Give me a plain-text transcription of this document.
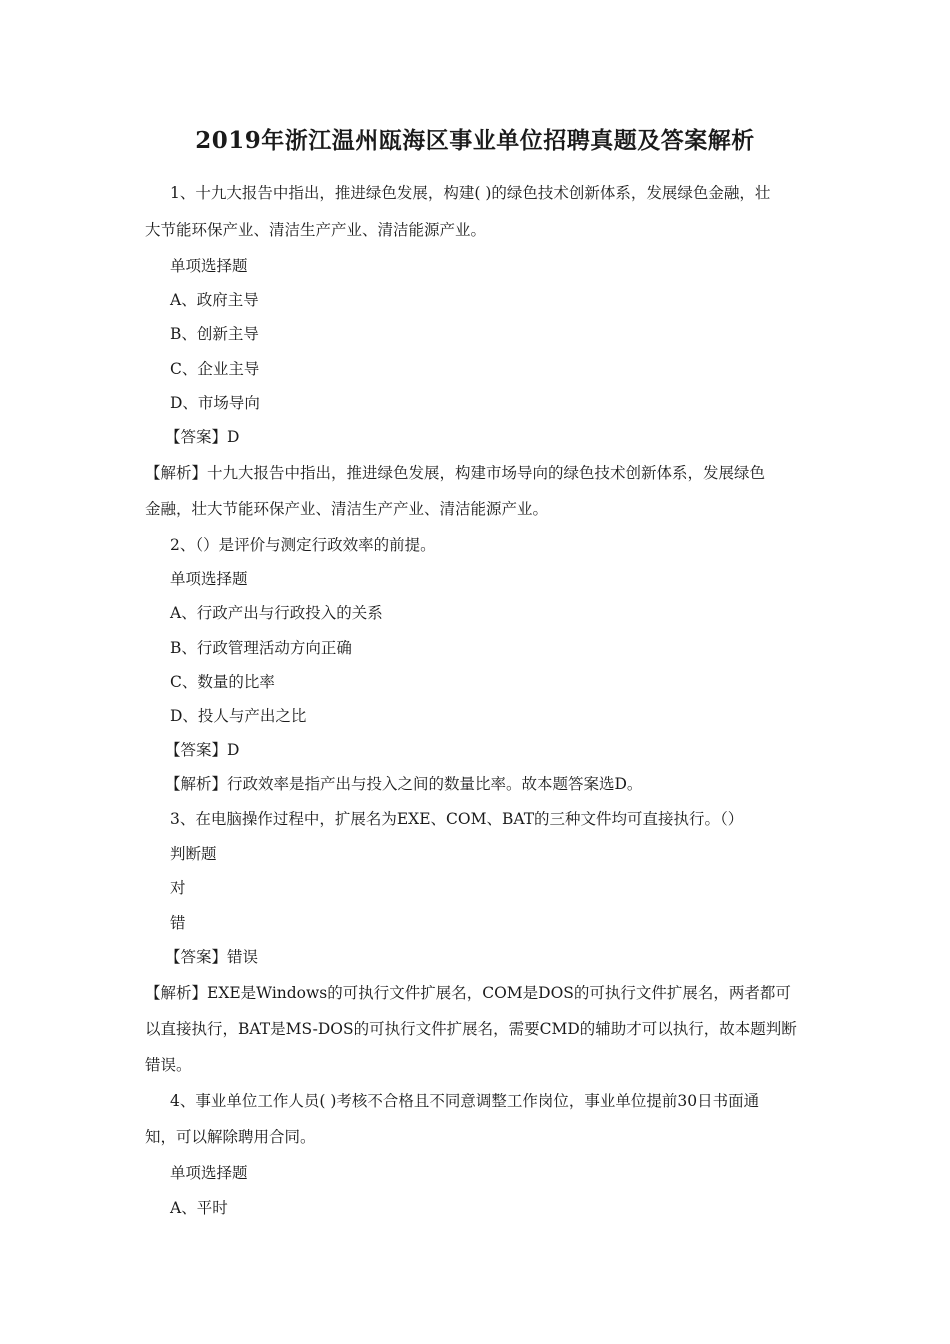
2019年浙江温州瓯海区事业单位招聘真题及答案解析
1、十九大报告中指出，推进绿色发展，构建( )的绿色技术创新体系，发展绿色金融，壮
大节能环保产业、清洁生产产业、清洁能源产业。
单项选择题
A、政府主导
B、创新主导
C、企业主导
D、市场导向
【答案】D
【解析】十九大报告中指出，推进绿色发展，构建市场导向的绿色技术创新体系，发展绿色
金融，壮大节能环保产业、清洁生产产业、清洁能源产业。
2、（）是评价与测定行政效率的前提。
单项选择题
A、行政产出与行政投入的关系
B、行政管理活动方向正确
C、数量的比率
D、投人与产出之比
【答案】D
【解析】行政效率是指产出与投入之间的数量比率。故本题答案选D。
3、在电脑操作过程中，扩展名为EXE、COM、BAT的三种文件均可直接执行。（）
判断题
对
错
【答案】错误
【解析】EXE是Windows的可执行文件扩展名，COM是DOS的可执行文件扩展名，两者都可
以直接执行，BAT是MS-DOS的可执行文件扩展名，需要CMD的辅助才可以执行，故本题判断
错误。
4、事业单位工作人员( )考核不合格且不同意调整工作岗位，事业单位提前30日书面通
知，可以解除聘用合同。
单项选择题
A、平时
